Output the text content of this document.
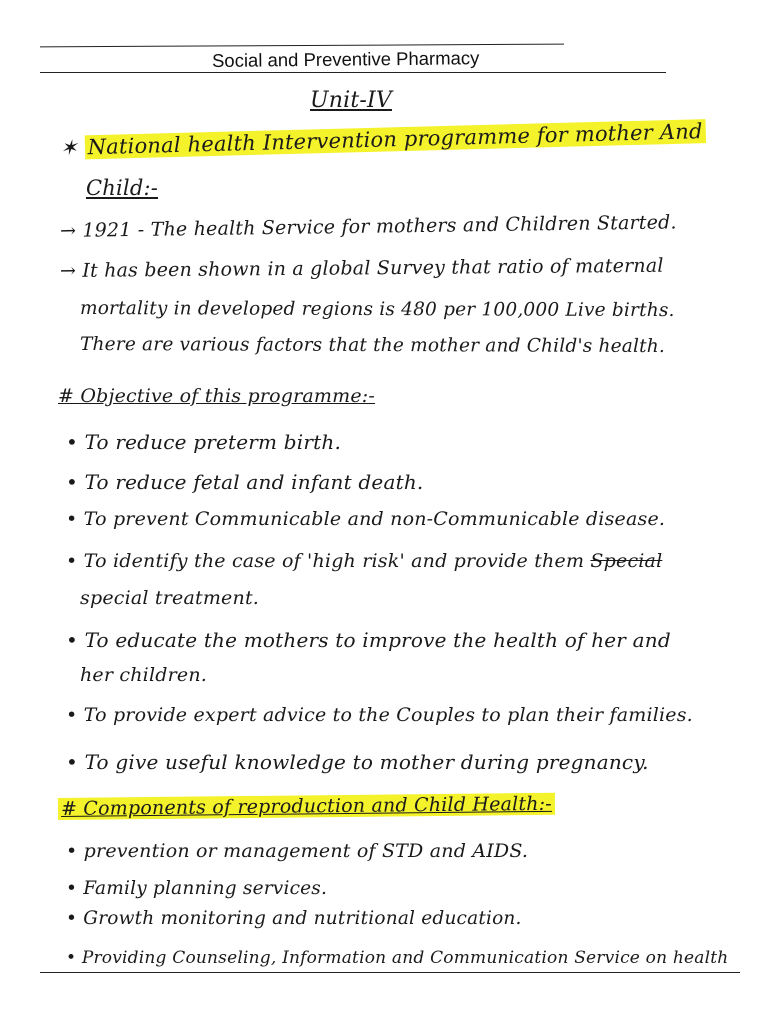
Social and Preventive Pharmacy
Unit-IV
✶ National health Intervention programme for mother And
Child:-
→ 1921 - The health Service for mothers and Children Started.
→ It has been shown in a global Survey that ratio of maternal
mortality in developed regions is 480 per 100,000 Live births.
There are various factors that the mother and Child's health.
# Objective of this programme:-
• To reduce preterm birth.
• To reduce fetal and infant death.
• To prevent Communicable and non-Communicable disease.
• To identify the case of 'high risk' and provide them Special
special treatment.
• To educate the mothers to improve the health of her and
her children.
• To provide expert advice to the Couples to plan their families.
• To give useful knowledge to mother during pregnancy.
# Components of reproduction and Child Health:-
• prevention or management of STD and AIDS.
• Family planning services.
• Growth monitoring and nutritional education.
• Providing Counseling, Information and Communication Service on health
